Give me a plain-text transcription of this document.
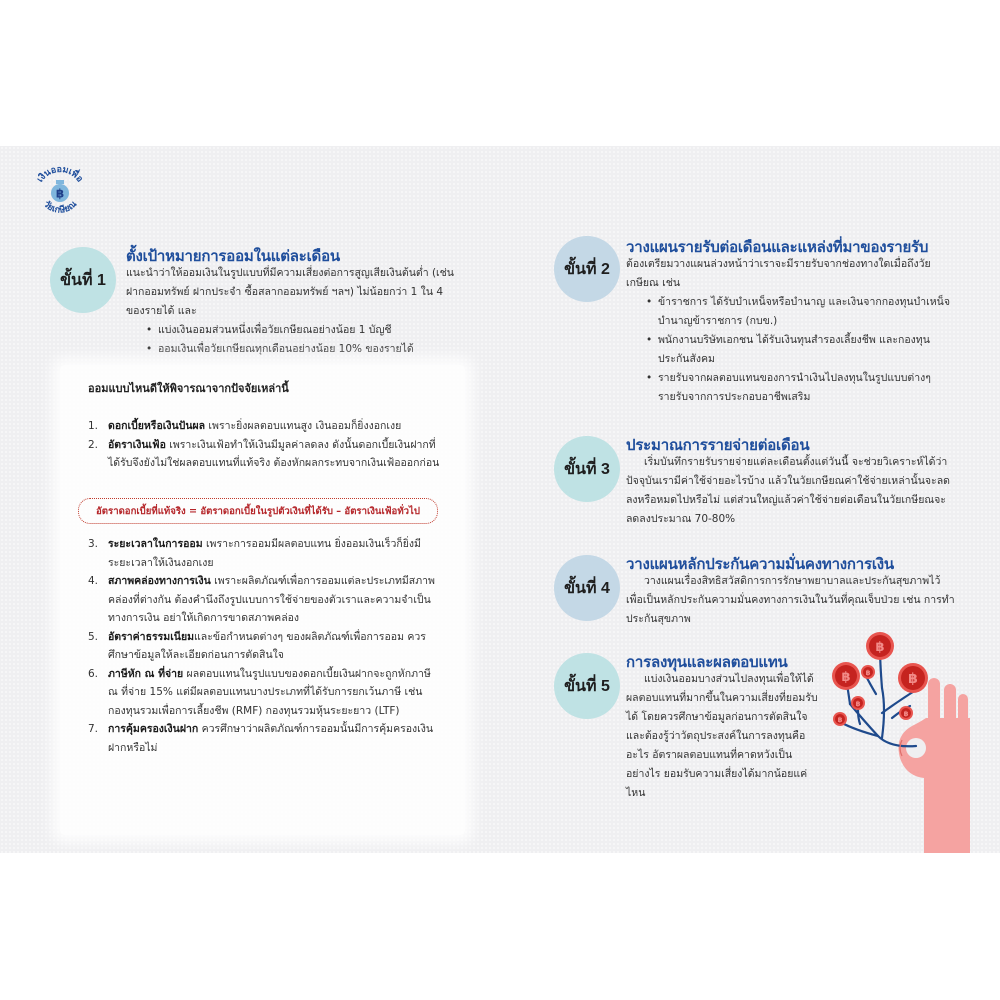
เงินออมเพื่อ
฿
วัยเกษียณ
ขั้นที่ 1
ตั้งเป้าหมายการออมในแต่ละเดือน

แนะนำว่าให้ออมเงินในรูปแบบที่มีความเสี่ยงต่อการสูญเสียเงินต้นต่ำ (เช่น ฝากออมทรัพย์ ฝากประจำ ซื้อสลากออมทรัพย์ ฯลฯ) ไม่น้อยกว่า 1 ใน 4 ของรายได้ และ

• แบ่งเงินออมส่วนหนึ่งเพื่อวัยเกษียณอย่างน้อย 1 บัญชี
• ออมเงินเพื่อวัยเกษียณทุกเดือนอย่างน้อย 10% ของรายได้
ออมแบบไหนดีให้พิจารณาจากปัจจัยเหล่านี้
1. ดอกเบี้ยหรือเงินปันผล เพราะยิ่งผลตอบแทนสูง เงินออมก็ยิ่งงอกเงย
2. อัตราเงินเฟ้อ เพราะเงินเฟ้อทำให้เงินมีมูลค่าลดลง ดังนั้นดอกเบี้ยเงินฝากที่ได้รับจึงยังไม่ใช่ผลตอบแทนที่แท้จริง ต้องหักผลกระทบจากเงินเฟ้อออกก่อน
อัตราดอกเบี้ยที่แท้จริง = อัตราดอกเบี้ยในรูปตัวเงินที่ได้รับ – อัตราเงินเฟ้อทั่วไป
3. ระยะเวลาในการออม เพราะการออมมีผลตอบแทน ยิ่งออมเงินเร็วก็ยิ่งมีระยะเวลาให้เงินงอกเงย
4. สภาพคล่องทางการเงิน เพราะผลิตภัณฑ์เพื่อการออมแต่ละประเภทมีสภาพคล่องที่ต่างกัน ต้องคำนึงถึงรูปแบบการใช้จ่ายของตัวเราและความจำเป็นทางการเงิน อย่าให้เกิดการขาดสภาพคล่อง
5. อัตราค่าธรรมเนียมและข้อกำหนดต่างๆ ของผลิตภัณฑ์เพื่อการออม ควรศึกษาข้อมูลให้ละเอียดก่อนการตัดสินใจ
6. ภาษีหัก ณ ที่จ่าย ผลตอบแทนในรูปแบบของดอกเบี้ยเงินฝากจะถูกหักภาษี ณ ที่จ่าย 15% แต่มีผลตอบแทนบางประเภทที่ได้รับการยกเว้นภาษี เช่น กองทุนรวมเพื่อการเลี้ยงชีพ (RMF) กองทุนรวมหุ้นระยะยาว (LTF)
7. การคุ้มครองเงินฝาก ควรศึกษาว่าผลิตภัณฑ์การออมนั้นมีการคุ้มครองเงินฝากหรือไม่
ขั้นที่ 2
วางแผนรายรับต่อเดือนและแหล่งที่มาของรายรับ

ต้องเตรียมวางแผนล่วงหน้าว่าเราจะมีรายรับจากช่องทางใดเมื่อถึงวัยเกษียณ เช่น

• ข้าราชการ ได้รับบำเหน็จหรือบำนาญ และเงินจากกองทุนบำเหน็จบำนาญข้าราชการ (กบข.)
• พนักงานบริษัทเอกชน ได้รับเงินทุนสำรองเลี้ยงชีพ และกองทุนประกันสังคม
• รายรับจากผลตอบแทนของการนำเงินไปลงทุนในรูปแบบต่างๆ รายรับจากการประกอบอาชีพเสริม
ขั้นที่ 3
ประมาณการรายจ่ายต่อเดือน
เริ่มบันทึกรายรับรายจ่ายแต่ละเดือนตั้งแต่วันนี้ จะช่วยวิเคราะห์ได้ว่าปัจจุบันเรามีค่าใช้จ่ายอะไรบ้าง แล้วในวัยเกษียณค่าใช้จ่ายเหล่านั้นจะลดลงหรือหมดไปหรือไม่ แต่ส่วนใหญ่แล้วค่าใช้จ่ายต่อเดือนในวัยเกษียณจะลดลงประมาณ 70-80%
ขั้นที่ 4
วางแผนหลักประกันความมั่นคงทางการเงิน
วางแผนเรื่องสิทธิสวัสดิการการรักษาพยาบาลและประกันสุขภาพไว้เพื่อเป็นหลักประกันความมั่นคงทางการเงินในวันที่คุณเจ็บป่วย เช่น การทำประกันสุขภาพ
ขั้นที่ 5
การลงทุนและผลตอบแทน
แบ่งเงินออมบางส่วนไปลงทุนเพื่อให้ได้ผลตอบแทนที่มากขึ้นในความเสี่ยงที่ยอมรับได้ โดยควรศึกษาข้อมูลก่อนการตัดสินใจและต้องรู้ว่าวัตถุประสงค์ในการลงทุนคืออะไร อัตราผลตอบแทนที่คาดหวังเป็นอย่างไร ยอมรับความเสี่ยงได้มากน้อยแค่ไหน
฿
฿	฿
฿
฿
฿
฿
